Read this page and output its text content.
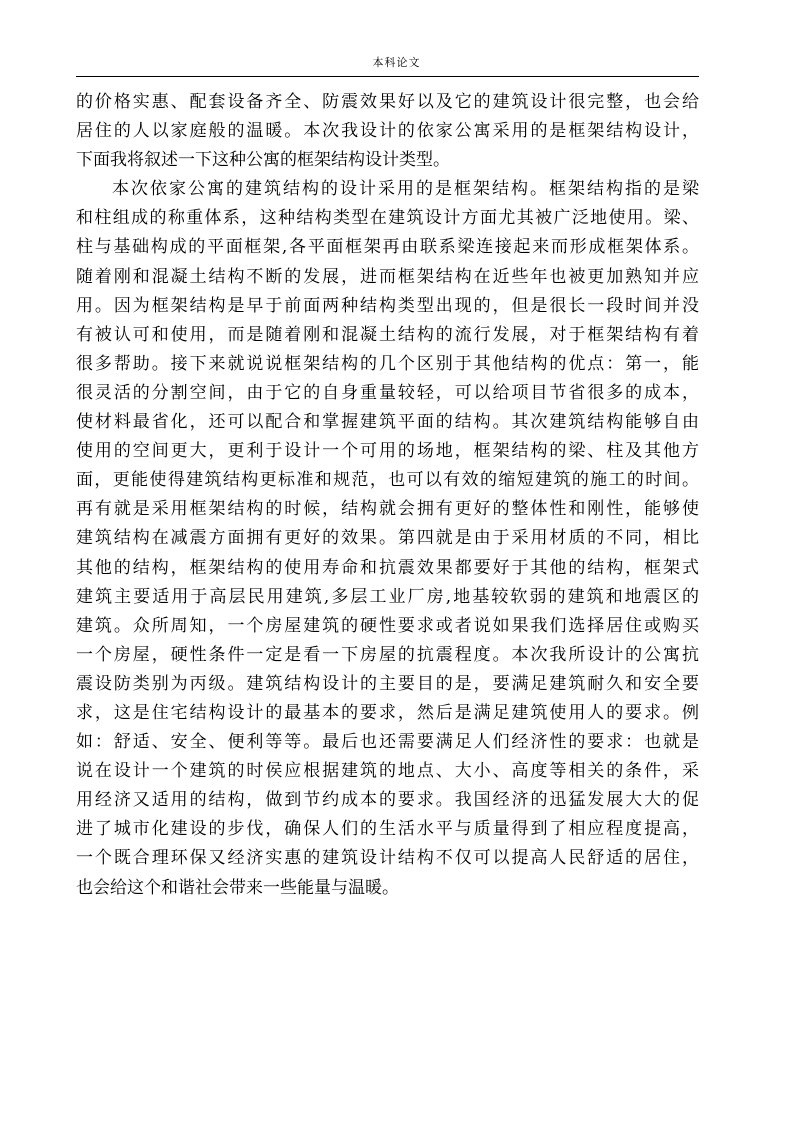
本科论文
的价格实惠、配套设备齐全、防震效果好以及它的建筑设计很完整，也会给
居住的人以家庭般的温暖。本次我设计的依家公寓采用的是框架结构设计，
下面我将叙述一下这种公寓的框架结构设计类型。
本次依家公寓的建筑结构的设计采用的是框架结构。框架结构指的是梁
和柱组成的称重体系，这种结构类型在建筑设计方面尤其被广泛地使用。梁、
柱与基础构成的平面框架,各平面框架再由联系梁连接起来而形成框架体系。
随着刚和混凝土结构不断的发展，进而框架结构在近些年也被更加熟知并应
用。因为框架结构是早于前面两种结构类型出现的，但是很长一段时间并没
有被认可和使用，而是随着刚和混凝土结构的流行发展，对于框架结构有着
很多帮助。接下来就说说框架结构的几个区别于其他结构的优点：第一，能
很灵活的分割空间，由于它的自身重量较轻，可以给项目节省很多的成本，
使材料最省化，还可以配合和掌握建筑平面的结构。其次建筑结构能够自由
使用的空间更大，更利于设计一个可用的场地，框架结构的梁、柱及其他方
面，更能使得建筑结构更标准和规范，也可以有效的缩短建筑的施工的时间。
再有就是采用框架结构的时候，结构就会拥有更好的整体性和刚性，能够使
建筑结构在减震方面拥有更好的效果。第四就是由于采用材质的不同，相比
其他的结构，框架结构的使用寿命和抗震效果都要好于其他的结构，框架式
建筑主要适用于高层民用建筑,多层工业厂房,地基较软弱的建筑和地震区的
建筑。众所周知，一个房屋建筑的硬性要求或者说如果我们选择居住或购买
一个房屋，硬性条件一定是看一下房屋的抗震程度。本次我所设计的公寓抗
震设防类别为丙级。建筑结构设计的主要目的是，要满足建筑耐久和安全要
求，这是住宅结构设计的最基本的要求，然后是满足建筑使用人的要求。例
如：舒适、安全、便利等等。最后也还需要满足人们经济性的要求：也就是
说在设计一个建筑的时侯应根据建筑的地点、大小、高度等相关的条件，采
用经济又适用的结构，做到节约成本的要求。我国经济的迅猛发展大大的促
进了城市化建设的步伐，确保人们的生活水平与质量得到了相应程度提高，
一个既合理环保又经济实惠的建筑设计结构不仅可以提高人民舒适的居住，
也会给这个和谐社会带来一些能量与温暖。
